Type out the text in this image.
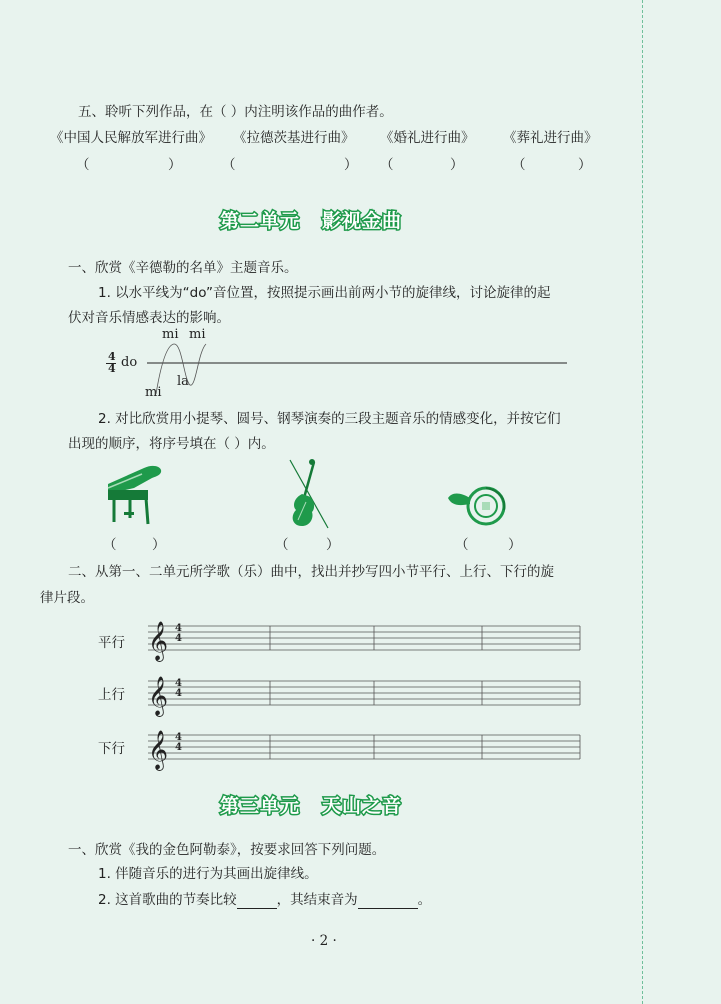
五、聆听下列作品，在（ ）内注明该作品的曲作者。
《中国人民解放军进行曲》 《拉德茨基进行曲》 《婚礼进行曲》 《葬礼进行曲》
（	）	（	） （	）	（	）
第二单元 影视金曲
一、欣赏《辛德勒的名单》主题音乐。
1. 以水平线为“do”音位置，按照提示画出前两小节的旋律线，讨论旋律的起
伏对音乐情感表达的影响。
4
4 do
mi mi
la
mi
2. 对比欣赏用小提琴、圆号、钢琴演奏的三段主题音乐的情感变化，并按它们
出现的顺序，将序号填在（ ）内。
（	）	（	）	（	）
二、从第一、二单元所学歌（乐）曲中，找出并抄写四小节平行、上行、下行的旋
律片段。
平行
上行
下行
4
4
4
4
4
4
𝄞
𝄞
𝄞
第三单元 天山之音
一、欣赏《我的金色阿勒泰》，按要求回答下列问题。
1. 伴随音乐的进行为其画出旋律线。
2. 这首歌曲的节奏比较	，其结束音为	。
· 2 ·
